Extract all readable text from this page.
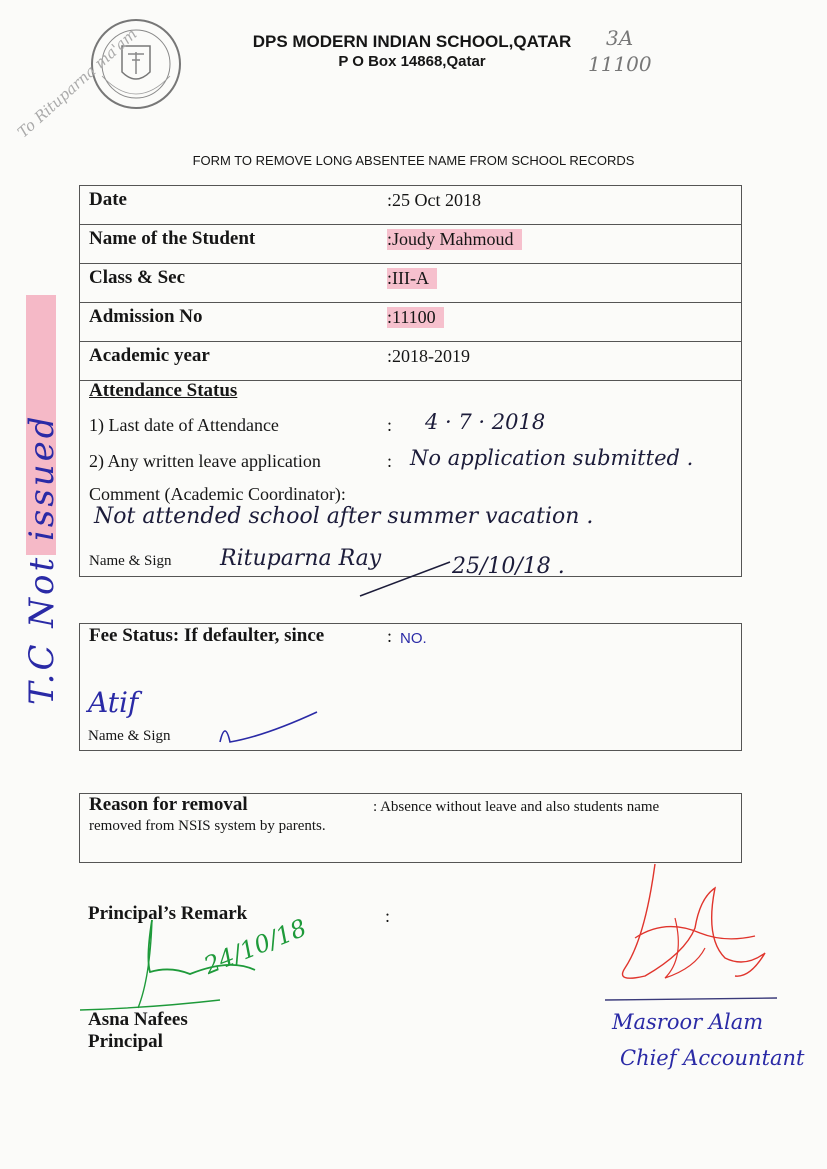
DPS MODERN INDIAN SCHOOL,QATAR
P O Box 14868,Qatar
3A
11100
To Rituparna ma'am
FORM TO REMOVE LONG ABSENTEE NAME FROM SCHOOL RECORDS
T.C Not issued
Date	:25 Oct 2018
Name of the Student	:Joudy Mahmoud
Class & Sec	:III-A
Admission No	:11100
Academic year	:2018-2019
Attendance Status
1) Last date of Attendance	: 4 · 7 · 2018
2) Any written leave application	: No application submitted .
Comment (Academic Coordinator):
Not attended school after summer vacation .
Name & Sign Rituparna Ray	25/10/18 .
Fee Status: If defaulter, since	: NO.
Atif
Name & Sign
Reason for removal	: Absence without leave and also students name
removed from NSIS system by parents.
Principal’s Remark	:
24/10/18
Asna Nafees
Principal
Masroor Alam
Chief Accountant
